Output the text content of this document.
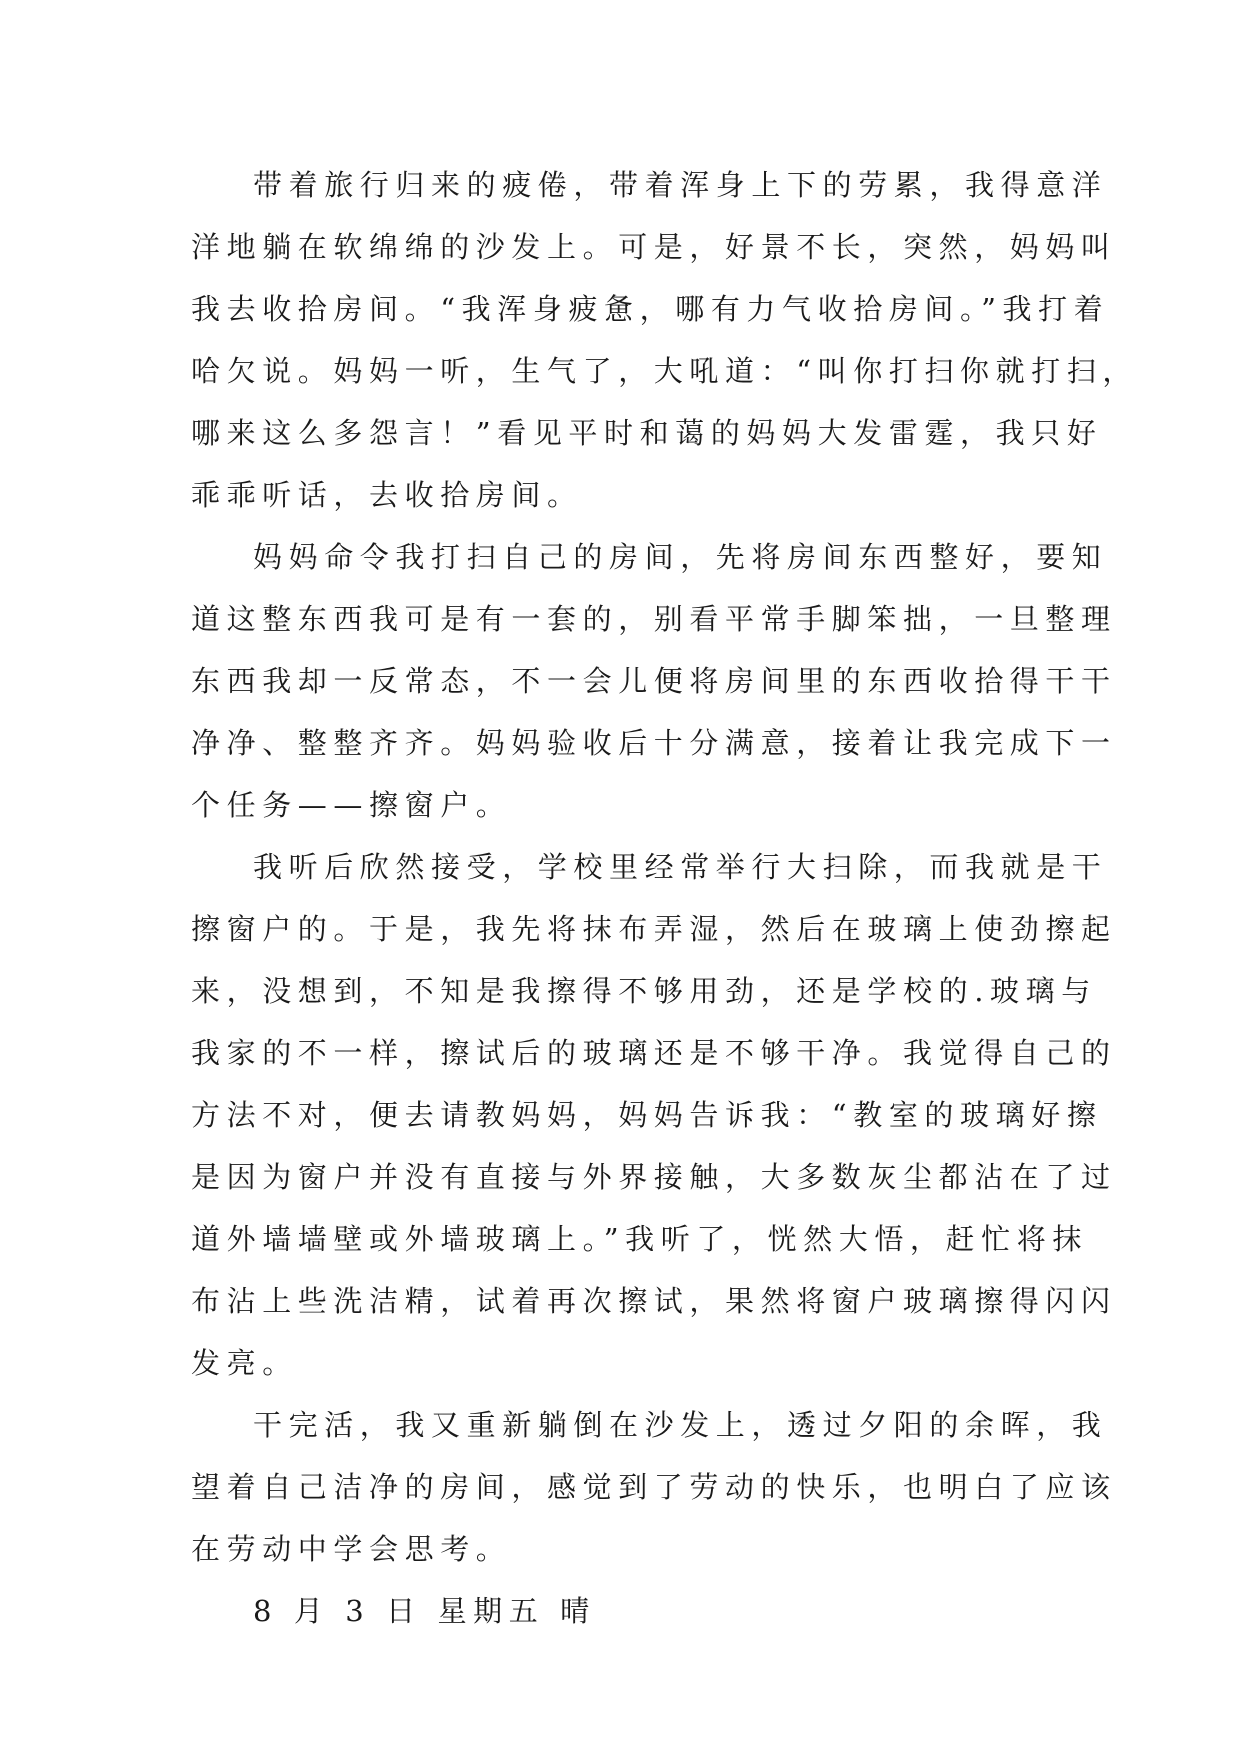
带着旅行归来的疲倦，带着浑身上下的劳累，我得意洋
洋地躺在软绵绵的沙发上。可是，好景不长，突然，妈妈叫
我去收拾房间。“我浑身疲惫，哪有力气收拾房间。”我打着
哈欠说。妈妈一听，生气了，大吼道：“叫你打扫你就打扫，
哪来这么多怨言！”看见平时和蔼的妈妈大发雷霆，我只好
乖乖听话，去收拾房间。
妈妈命令我打扫自己的房间，先将房间东西整好，要知
道这整东西我可是有一套的，别看平常手脚笨拙，一旦整理
东西我却一反常态，不一会儿便将房间里的东西收拾得干干
净净、整整齐齐。妈妈验收后十分满意，接着让我完成下一
个任务——擦窗户。
我听后欣然接受，学校里经常举行大扫除，而我就是干
擦窗户的。于是，我先将抹布弄湿，然后在玻璃上使劲擦起
来，没想到，不知是我擦得不够用劲，还是学校的.玻璃与
我家的不一样，擦试后的玻璃还是不够干净。我觉得自己的
方法不对，便去请教妈妈，妈妈告诉我：“教室的玻璃好擦
是因为窗户并没有直接与外界接触，大多数灰尘都沾在了过
道外墙墙壁或外墙玻璃上。”我听了，恍然大悟，赶忙将抹
布沾上些洗洁精，试着再次擦试，果然将窗户玻璃擦得闪闪
发亮。
干完活，我又重新躺倒在沙发上，透过夕阳的余晖，我
望着自己洁净的房间，感觉到了劳动的快乐，也明白了应该
在劳动中学会思考。
8 月 3 日 星期五 晴
